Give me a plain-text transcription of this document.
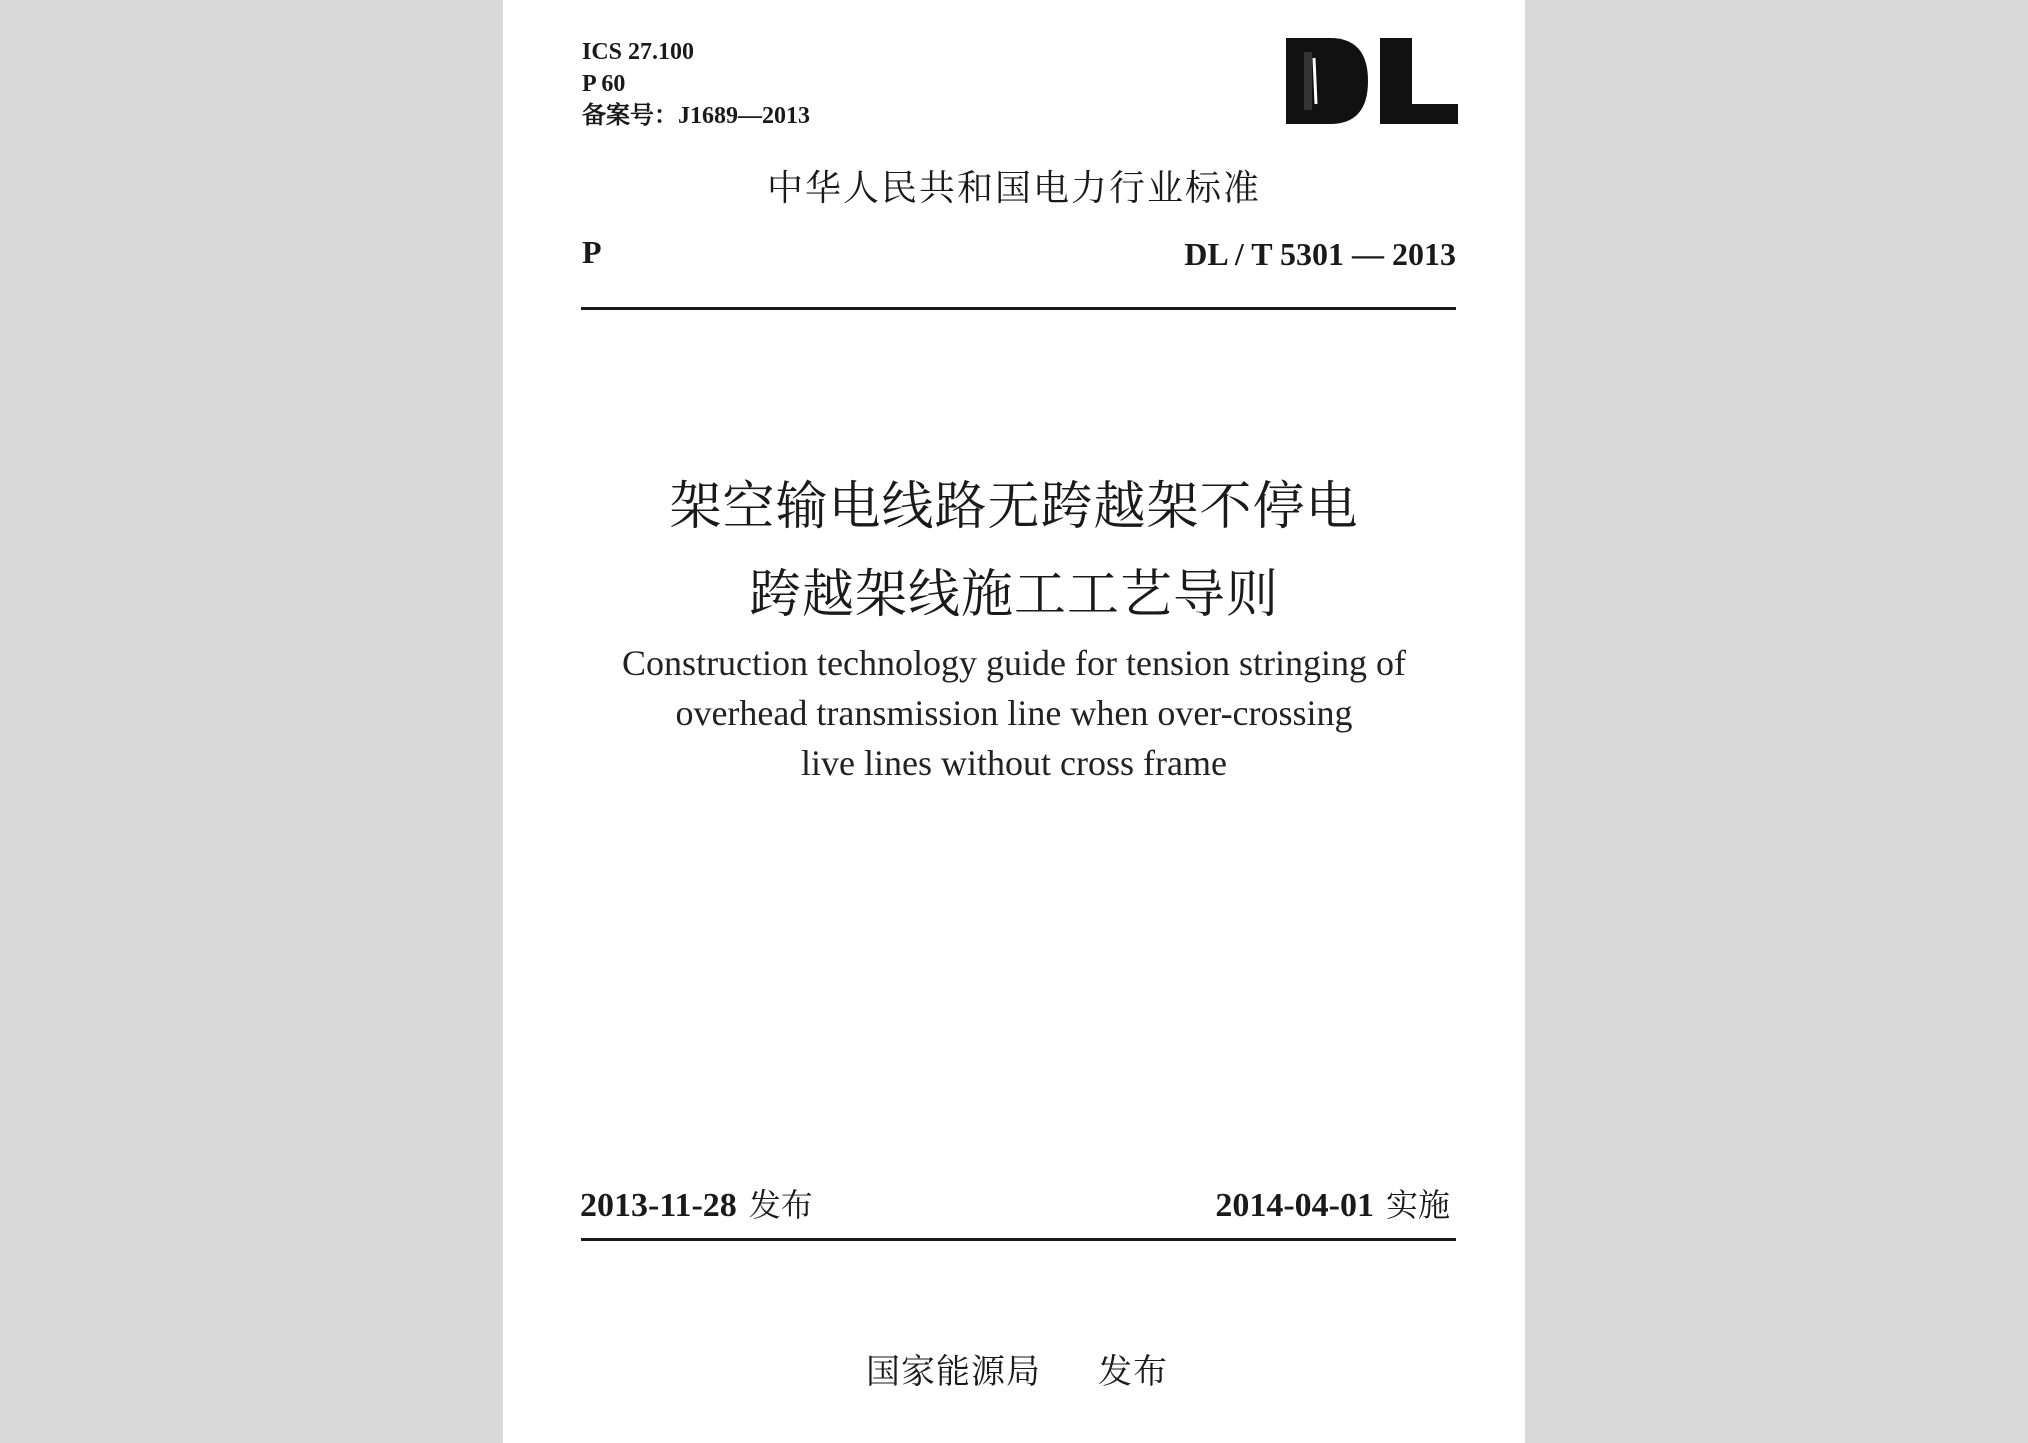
ICS 27.100
P 60
备案号：J1689—2013
中华人民共和国电力行业标准
P	DL / T 5301 — 2013
架空输电线路无跨越架不停电
跨越架线施工工艺导则
Construction technology guide for tension stringing of
overhead transmission line when over-crossing
live lines without cross frame
2013-11-28 发布	2014-04-01 实施
国家能源局 发布
